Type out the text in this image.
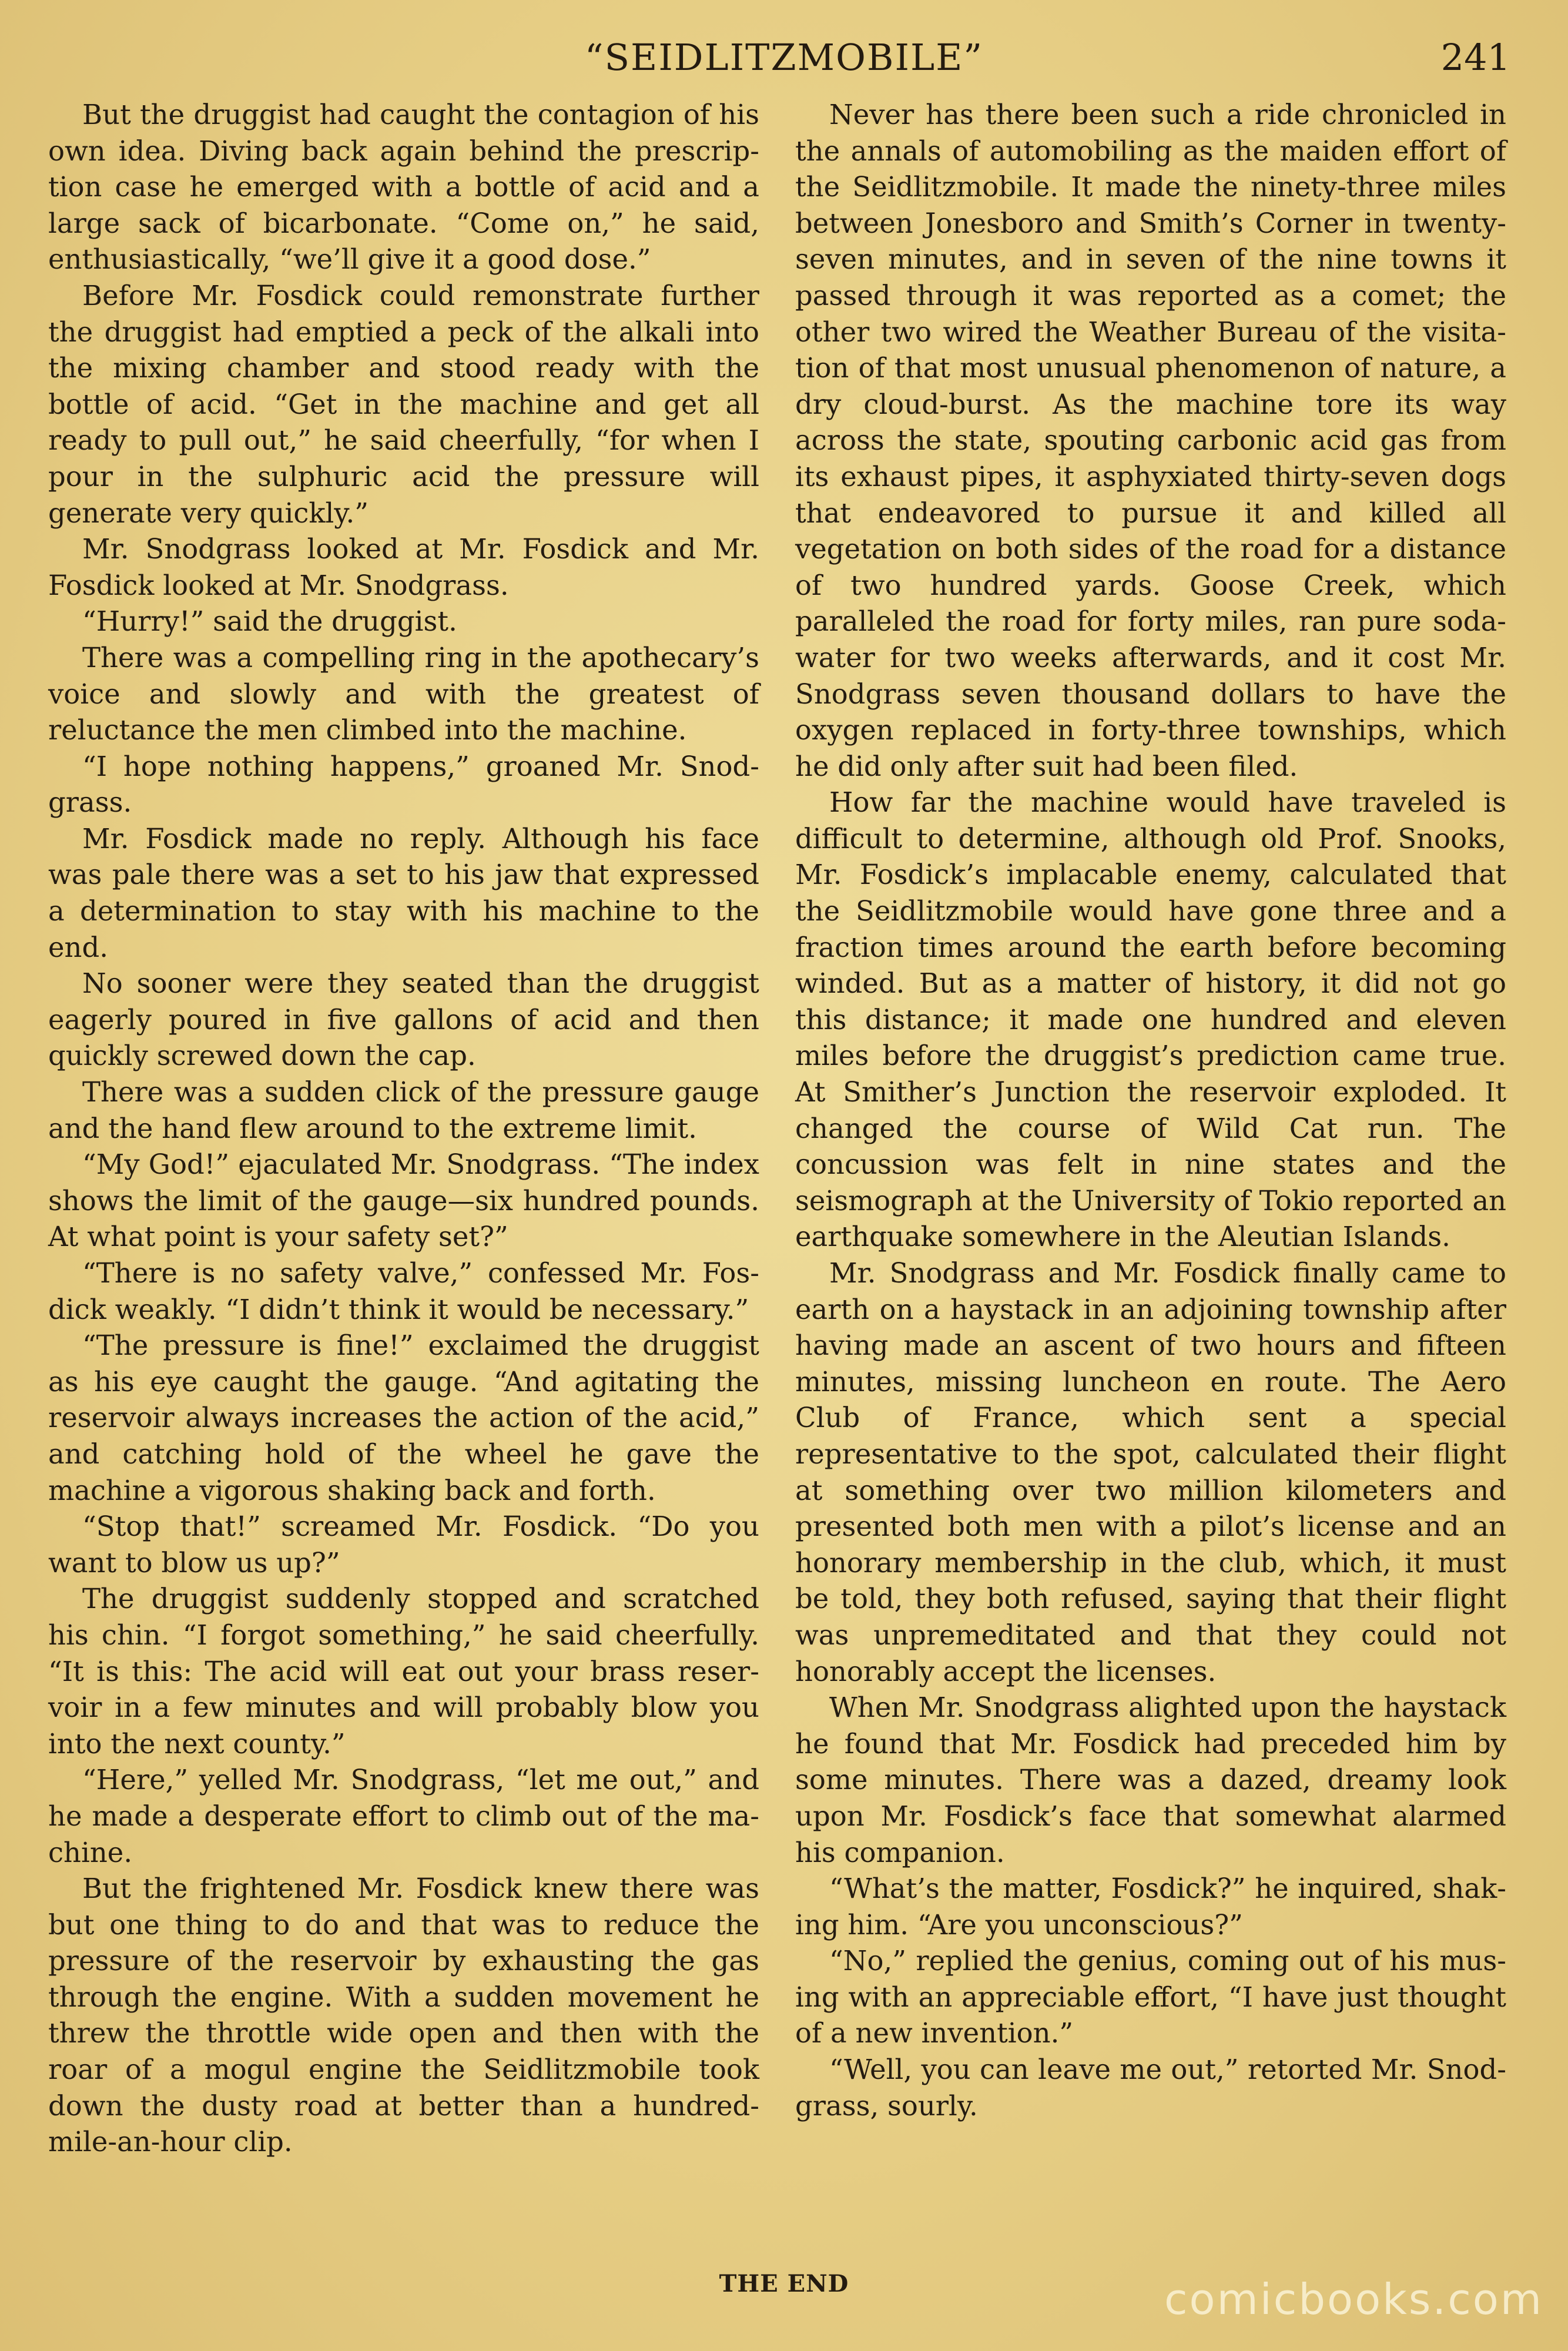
“SEIDLITZMOBILE”	241

But the druggist had caught the contagion of his own idea. Diving back again behind the prescription case he emerged with a bottle of acid and a large sack of bicarbonate. “Come on,” he said, enthusiastically, “we’ll give it a good dose.”

Before Mr. Fosdick could remonstrate further the druggist had emptied a peck of the alkali into the mixing chamber and stood ready with the bottle of acid. “Get in the machine and get all ready to pull out,” he said cheerfully, “for when I pour in the sulphuric acid the pressure will generate very quickly.”

Mr. Snodgrass looked at Mr. Fosdick and Mr. Fosdick looked at Mr. Snodgrass.

“Hurry!” said the druggist.

There was a compelling ring in the apothecary’s voice and slowly and with the greatest of reluctance the men climbed into the machine.

“I hope nothing happens,” groaned Mr. Snodgrass.

Mr. Fosdick made no reply. Although his face was pale there was a set to his jaw that expressed a determination to stay with his machine to the end.

No sooner were they seated than the druggist eagerly poured in five gallons of acid and then quickly screwed down the cap.

There was a sudden click of the pressure gauge and the hand flew around to the extreme limit.

“My God!” ejaculated Mr. Snodgrass. “The index shows the limit of the gauge—six hundred pounds. At what point is your safety set?”

“There is no safety valve,” confessed Mr. Fosdick weakly. “I didn’t think it would be necessary.”

“The pressure is fine!” exclaimed the druggist as his eye caught the gauge. “And agitating the reservoir always increases the action of the acid,” and catching hold of the wheel he gave the machine a vigorous shaking back and forth.

“Stop that!” screamed Mr. Fosdick. “Do you want to blow us up?”

The druggist suddenly stopped and scratched his chin. “I forgot something,” he said cheerfully. “It is this: The acid will eat out your brass reservoir in a few minutes and will probably blow you into the next county.”

“Here,” yelled Mr. Snodgrass, “let me out,” and he made a desperate effort to climb out of the machine.

But the frightened Mr. Fosdick knew there was but one thing to do and that was to reduce the pressure of the reservoir by exhausting the gas through the engine. With a sudden movement he threw the throttle wide open and then with the roar of a mogul engine the Seidlitzmobile took down the dusty road at better than a hundred-mile-an-hour clip.

Never has there been such a ride chronicled in the annals of automobiling as the maiden effort of the Seidlitzmobile. It made the ninety-three miles between Jonesboro and Smith’s Corner in twenty-seven minutes, and in seven of the nine towns it passed through it was reported as a comet; the other two wired the Weather Bureau of the visitation of that most unusual phenomenon of nature, a dry cloud-burst. As the machine tore its way across the state, spouting carbonic acid gas from its exhaust pipes, it asphyxiated thirty-seven dogs that endeavored to pursue it and killed all vegetation on both sides of the road for a distance of two hundred yards. Goose Creek, which paralleled the road for forty miles, ran pure soda-water for two weeks afterwards, and it cost Mr. Snodgrass seven thousand dollars to have the oxygen replaced in forty-three townships, which he did only after suit had been filed.

How far the machine would have traveled is difficult to determine, although old Prof. Snooks, Mr. Fosdick’s implacable enemy, calculated that the Seidlitzmobile would have gone three and a fraction times around the earth before becoming winded. But as a matter of history, it did not go this distance; it made one hundred and eleven miles before the druggist’s prediction came true. At Smither’s Junction the reservoir exploded. It changed the course of Wild Cat run. The concussion was felt in nine states and the seismograph at the University of Tokio reported an earthquake somewhere in the Aleutian Islands.

Mr. Snodgrass and Mr. Fosdick finally came to earth on a haystack in an adjoining township after having made an ascent of two hours and fifteen minutes, missing luncheon en route. The Aero Club of France, which sent a special representative to the spot, calculated their flight at something over two million kilometers and presented both men with a pilot’s license and an honorary membership in the club, which, it must be told, they both refused, saying that their flight was unpremeditated and that they could not honorably accept the licenses.

When Mr. Snodgrass alighted upon the haystack he found that Mr. Fosdick had preceded him by some minutes. There was a dazed, dreamy look upon Mr. Fosdick’s face that somewhat alarmed his companion.

“What’s the matter, Fosdick?” he inquired, shaking him. “Are you unconscious?”

“No,” replied the genius, coming out of his musing with an appreciable effort, “I have just thought of a new invention.”

“Well, you can leave me out,” retorted Mr. Snodgrass, sourly.

THE END	comicbooks.com
